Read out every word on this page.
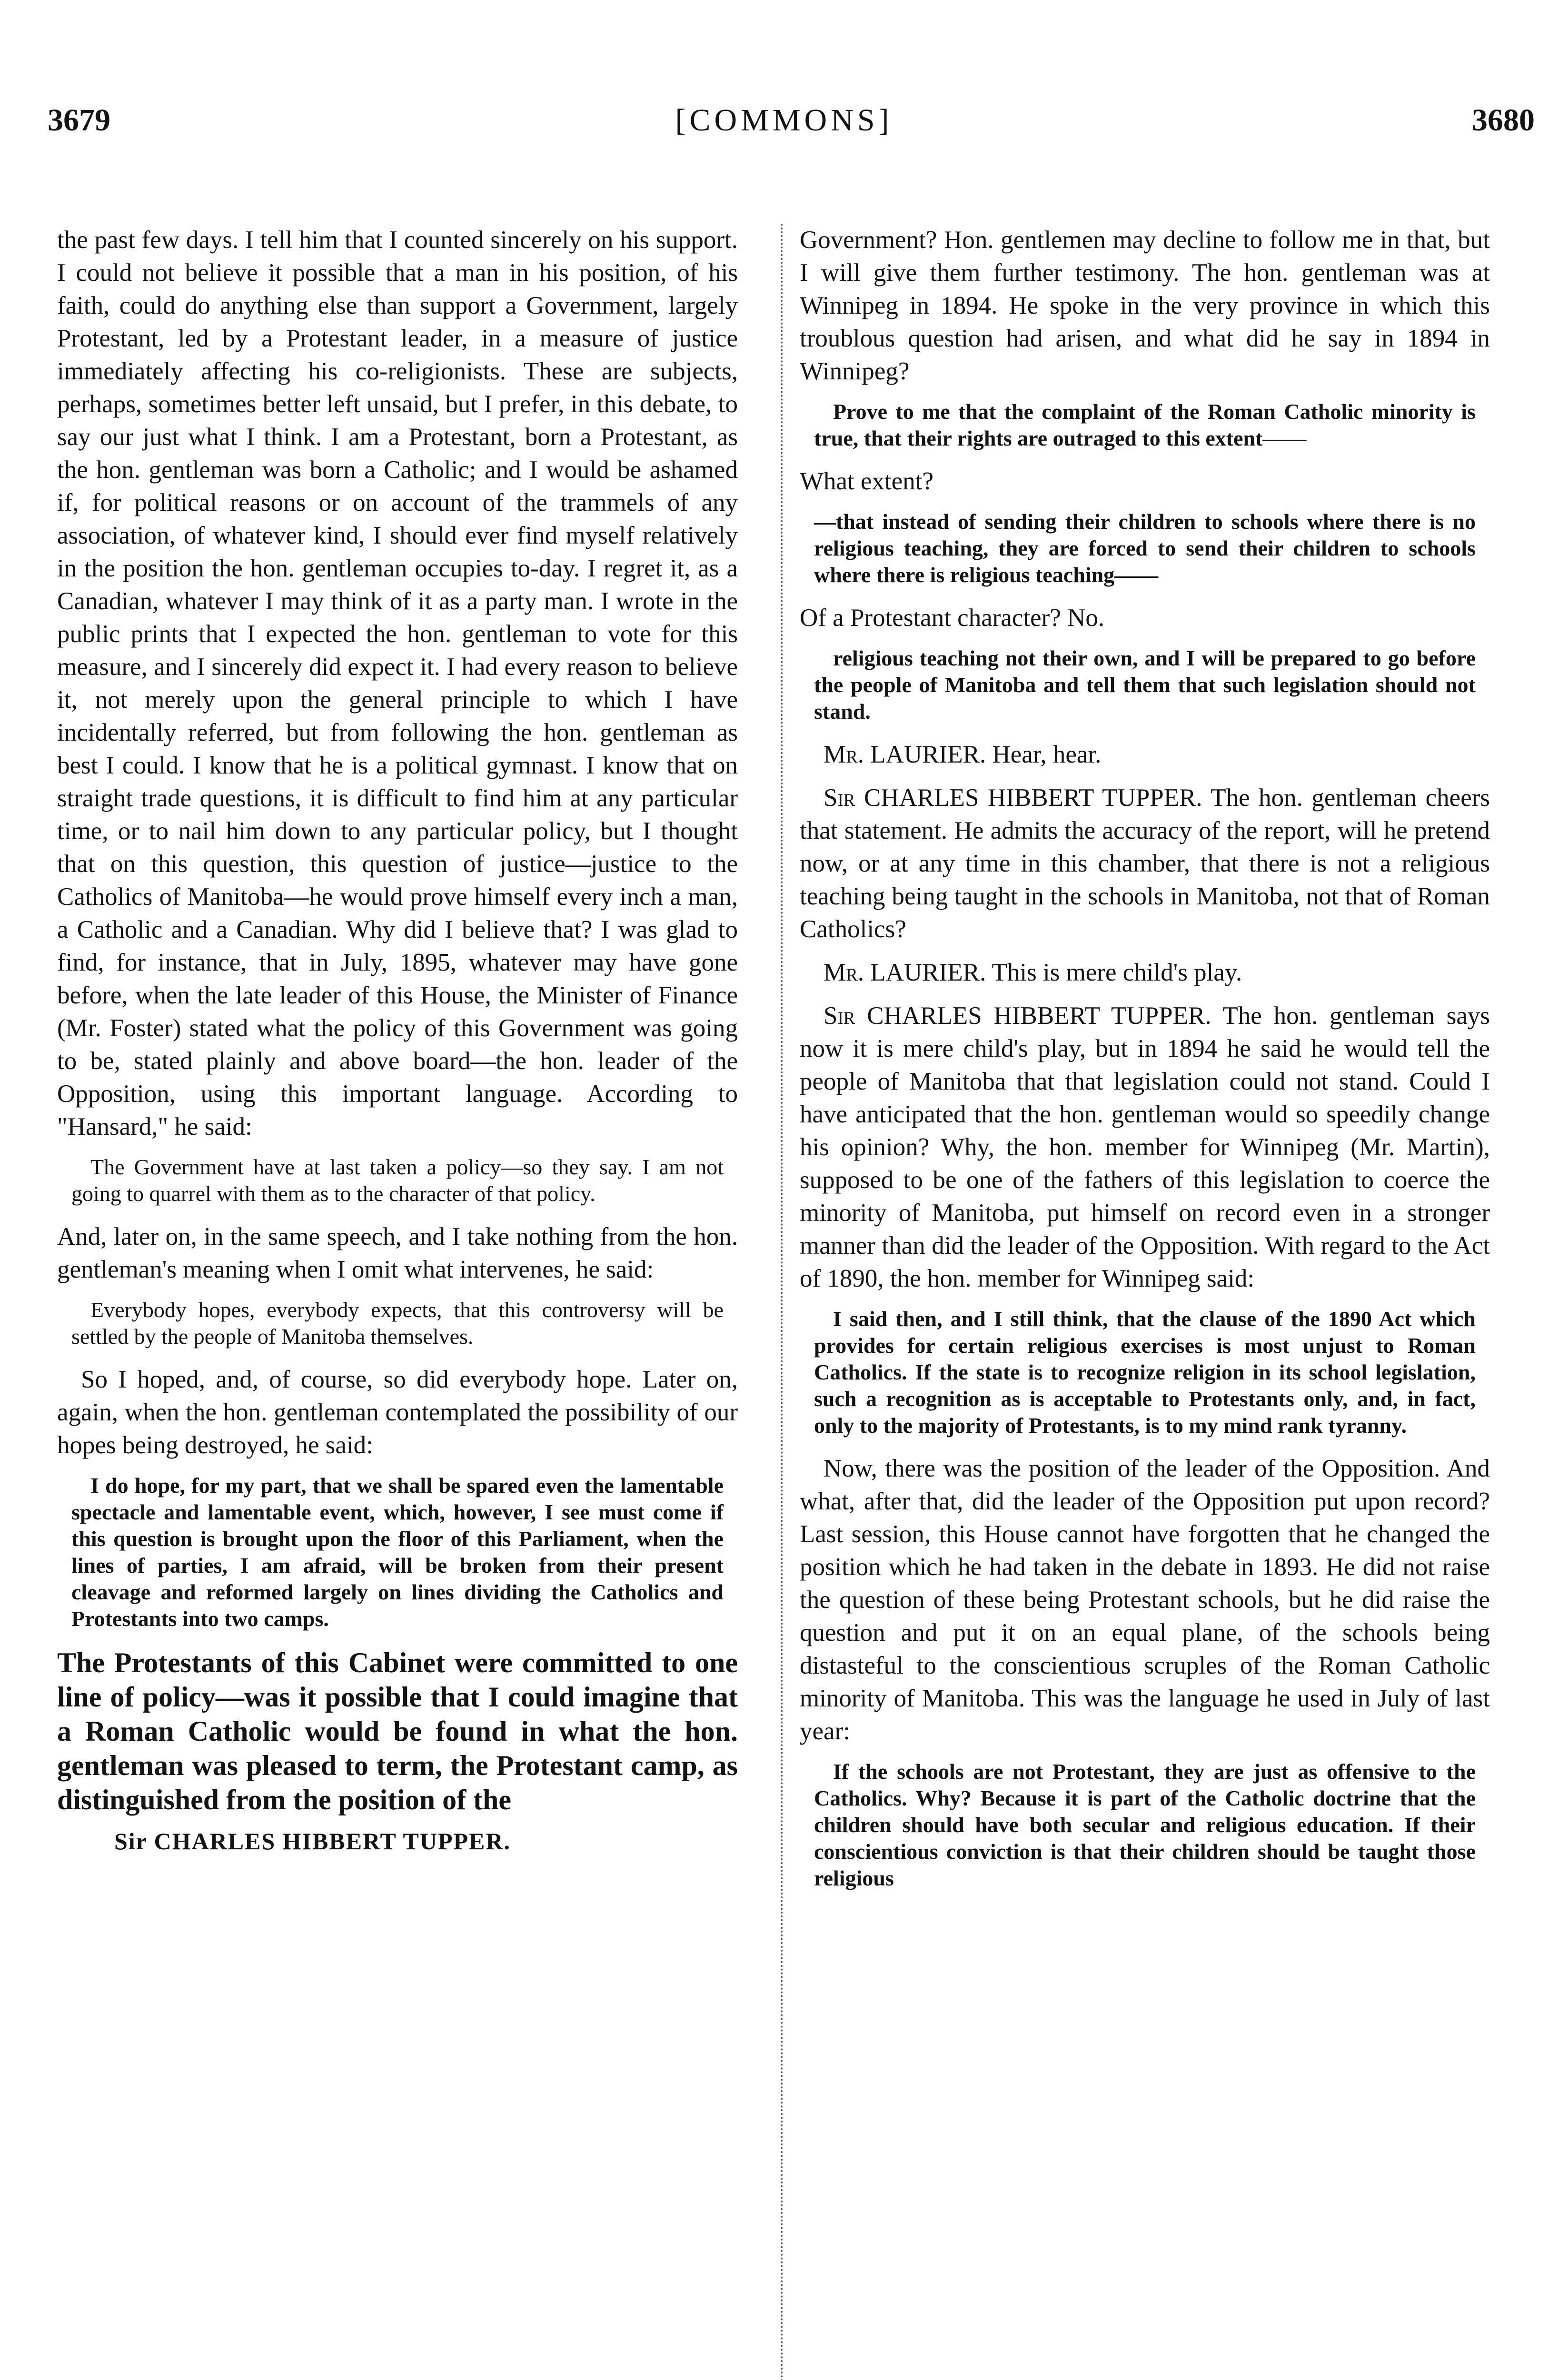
3679	[COMMONS]	3680

the past few days. I tell him that I counted sincerely on his support. I could not believe it possible that a man in his position, of his faith, could do anything else than support a Government, largely Protestant, led by a Protestant leader, in a measure of justice immediately affecting his co-religionists. These are subjects, perhaps, sometimes better left unsaid, but I prefer, in this debate, to say our just what I think. I am a Protestant, born a Protestant, as the hon. gentleman was born a Catholic; and I would be ashamed if, for political reasons or on account of the trammels of any association, of whatever kind, I should ever find myself relatively in the position the hon. gentleman occupies to-day. I regret it, as a Canadian, whatever I may think of it as a party man. I wrote in the public prints that I expected the hon. gentleman to vote for this measure, and I sincerely did expect it. I had every reason to believe it, not merely upon the general principle to which I have incidentally referred, but from following the hon. gentleman as best I could. I know that he is a political gymnast. I know that on straight trade questions, it is difficult to find him at any particular time, or to nail him down to any particular policy, but I thought that on this question, this question of justice—justice to the Catholics of Manitoba—he would prove himself every inch a man, a Catholic and a Canadian. Why did I believe that? I was glad to find, for instance, that in July, 1895, whatever may have gone before, when the late leader of this House, the Minister of Finance (Mr. Foster) stated what the policy of this Government was going to be, stated plainly and above board—the hon. leader of the Opposition, using this important language. According to "Hansard," he said:

The Government have at last taken a policy—so they say. I am not going to quarrel with them as to the character of that policy.

And, later on, in the same speech, and I take nothing from the hon. gentleman's meaning when I omit what intervenes, he said:

Everybody hopes, everybody expects, that this controversy will be settled by the people of Manitoba themselves.

So I hoped, and, of course, so did everybody hope. Later on, again, when the hon. gentleman contemplated the possibility of our hopes being destroyed, he said:

I do hope, for my part, that we shall be spared even the lamentable spectacle and lamentable event, which, however, I see must come if this question is brought upon the floor of this Parliament, when the lines of parties, I am afraid, will be broken from their present cleavage and reformed largely on lines dividing the Catholics and Protestants into two camps.

The Protestants of this Cabinet were committed to one line of policy—was it possible that I could imagine that a Roman Catholic would be found in what the hon. gentleman was pleased to term, the Protestant camp, as distinguished from the position of the

Sir CHARLES HIBBERT TUPPER.

Government? Hon. gentlemen may decline to follow me in that, but I will give them further testimony. The hon. gentleman was at Winnipeg in 1894. He spoke in the very province in which this troublous question had arisen, and what did he say in 1894 in Winnipeg?

Prove to me that the complaint of the Roman Catholic minority is true, that their rights are outraged to this extent——

What extent?

—that instead of sending their children to schools where there is no religious teaching, they are forced to send their children to schools where there is religious teaching——

Of a Protestant character? No.

religious teaching not their own, and I will be prepared to go before the people of Manitoba and tell them that such legislation should not stand.

Mr. LAURIER. Hear, hear.

Sir CHARLES HIBBERT TUPPER. The hon. gentleman cheers that statement. He admits the accuracy of the report, will he pretend now, or at any time in this chamber, that there is not a religious teaching being taught in the schools in Manitoba, not that of Roman Catholics?

Mr. LAURIER. This is mere child's play.

Sir CHARLES HIBBERT TUPPER. The hon. gentleman says now it is mere child's play, but in 1894 he said he would tell the people of Manitoba that that legislation could not stand. Could I have anticipated that the hon. gentleman would so speedily change his opinion? Why, the hon. member for Winnipeg (Mr. Martin), supposed to be one of the fathers of this legislation to coerce the minority of Manitoba, put himself on record even in a stronger manner than did the leader of the Opposition. With regard to the Act of 1890, the hon. member for Winnipeg said:

I said then, and I still think, that the clause of the 1890 Act which provides for certain religious exercises is most unjust to Roman Catholics. If the state is to recognize religion in its school legislation, such a recognition as is acceptable to Protestants only, and, in fact, only to the majority of Protestants, is to my mind rank tyranny.

Now, there was the position of the leader of the Opposition. And what, after that, did the leader of the Opposition put upon record? Last session, this House cannot have forgotten that he changed the position which he had taken in the debate in 1893. He did not raise the question of these being Protestant schools, but he did raise the question and put it on an equal plane, of the schools being distasteful to the conscientious scruples of the Roman Catholic minority of Manitoba. This was the language he used in July of last year:

If the schools are not Protestant, they are just as offensive to the Catholics. Why? Because it is part of the Catholic doctrine that the children should have both secular and religious education. If their conscientious conviction is that their children should be taught those religious
